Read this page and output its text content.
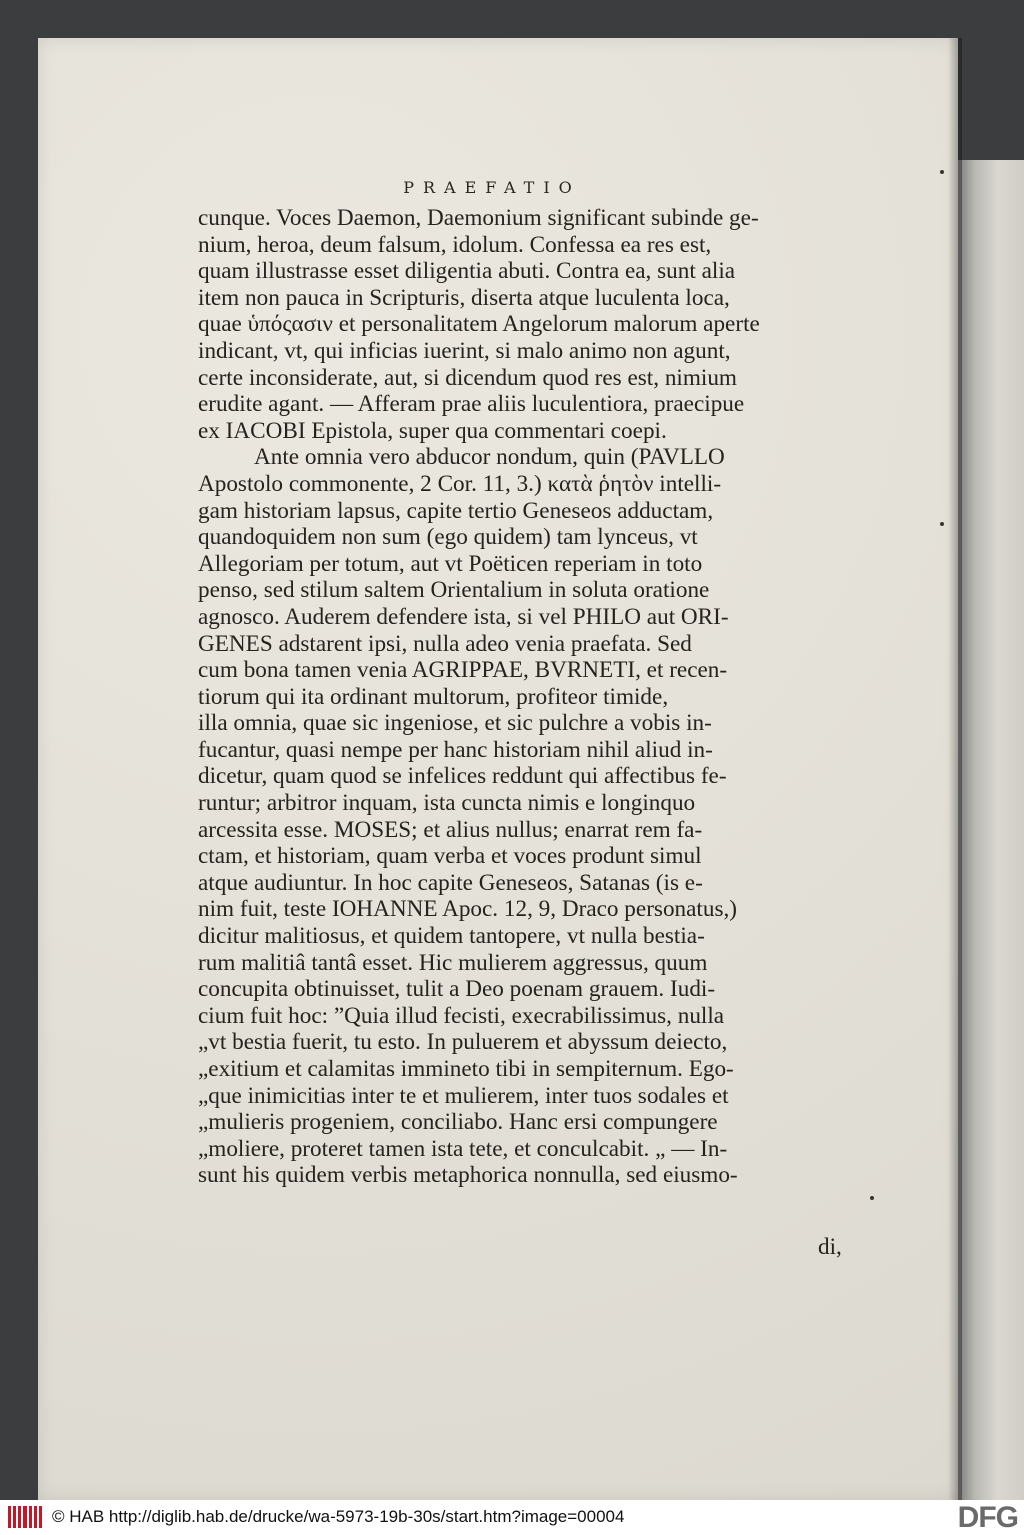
PRAEFATIO
cunque. Voces Daemon, Daemonium significant subinde ge-
nium, heroa, deum falsum, idolum. Confessa ea res est,
quam illustrasse esset diligentia abuti. Contra ea, sunt alia
item non pauca in Scripturis, diserta atque luculenta loca,
quae ὑπόςασιν et personalitatem Angelorum malorum aperte
indicant, vt, qui inficias iuerint, si malo animo non agunt,
certe inconsiderate, aut, si dicendum quod res est, nimium
erudite agant. — Afferam prae aliis luculentiora, praecipue
ex IACOBI Epistola, super qua commentari coepi.
Ante omnia vero abducor nondum, quin (PAVLLO
Apostolo commonente, 2 Cor. 11, 3.) κατὰ ῥητὸν intelli-
gam historiam lapsus, capite tertio Geneseos adductam,
quandoquidem non sum (ego quidem) tam lynceus, vt
Allegoriam per totum, aut vt Poëticen reperiam in toto
penso, sed stilum saltem Orientalium in soluta oratione
agnosco. Auderem defendere ista, si vel PHILO aut ORI-
GENES adstarent ipsi, nulla adeo venia praefata. Sed
cum bona tamen venia AGRIPPAE, BVRNETI, et recen-
tiorum qui ita ordinant multorum, profiteor timide,
illa omnia, quae sic ingeniose, et sic pulchre a vobis in-
fucantur, quasi nempe per hanc historiam nihil aliud in-
dicetur, quam quod se infelices reddunt qui affectibus fe-
runtur; arbitror inquam, ista cuncta nimis e longinquo
arcessita esse. MOSES; et alius nullus; enarrat rem fa-
ctam, et historiam, quam verba et voces produnt simul
atque audiuntur. In hoc capite Geneseos, Satanas (is e-
nim fuit, teste IOHANNE Apoc. 12, 9, Draco personatus,)
dicitur malitiosus, et quidem tantopere, vt nulla bestia-
rum malitiâ tantâ esset. Hic mulierem aggressus, quum
concupita obtinuisset, tulit a Deo poenam grauem. Iudi-
cium fuit hoc: ”Quia illud fecisti, execrabilissimus, nulla
„vt bestia fuerit, tu esto. In puluerem et abyssum deiecto,
„exitium et calamitas immineto tibi in sempiternum. Ego-
„que inimicitias inter te et mulierem, inter tuos sodales et
„mulieris progeniem, conciliabo. Hanc ersi compungere
„moliere, proteret tamen ista tete, et conculcabit. „ — In-
sunt his quidem verbis metaphorica nonnulla, sed eiusmo-
di,
© HAB http://diglib.hab.de/drucke/wa-5973-19b-30s/start.htm?image=00004	DFG
